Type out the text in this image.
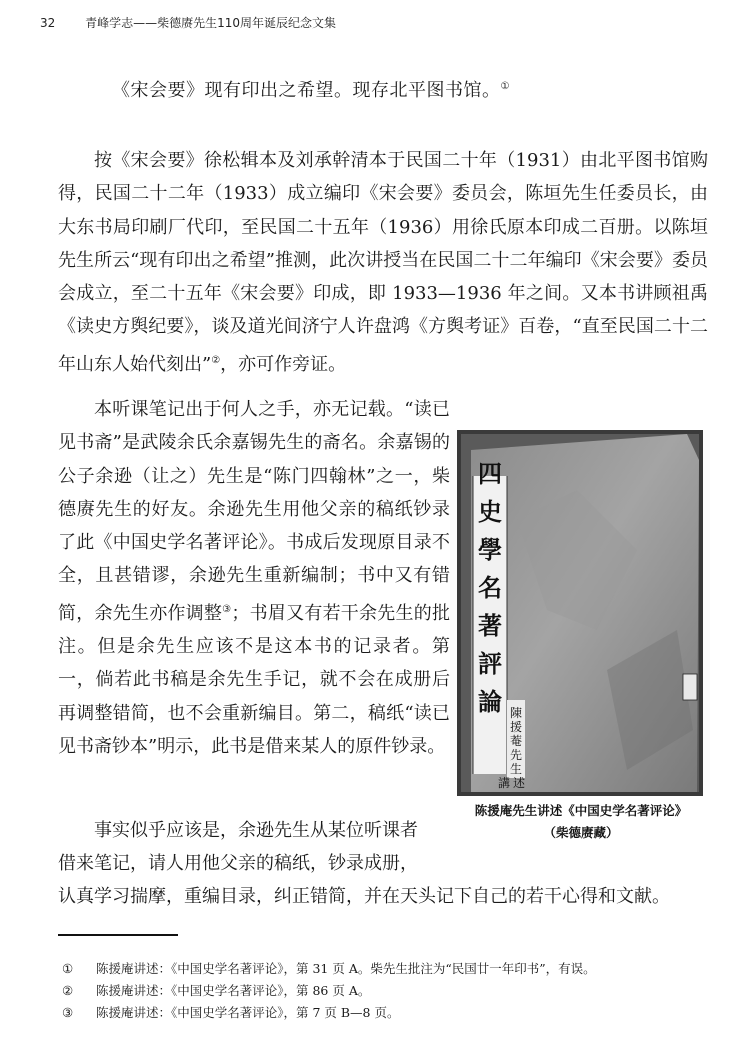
32 青峰学志——柴德赓先生110周年诞辰纪念文集
《宋会要》现有印出之希望。现存北平图书馆。①
按《宋会要》徐松辑本及刘承幹清本于民国二十年（1931）由北平图书馆购得，民国二十二年（1933）成立编印《宋会要》委员会，陈垣先生任委员长，由大东书局印刷厂代印，至民国二十五年（1936）用徐氏原本印成二百册。以陈垣先生所云“现有印出之希望”推测，此次讲授当在民国二十二年编印《宋会要》委员会成立，至二十五年《宋会要》印成，即 1933—1936 年之间。又本书讲顾祖禹《读史方舆纪要》，谈及道光间济宁人许盘鸿《方舆考证》百卷，“直至民国二十二年山东人始代刻出”②，亦可作旁证。
本听课笔记出于何人之手，亦无记载。“读已见书斋”是武陵余氏余嘉锡先生的斋名。余嘉锡的公子余逊（让之）先生是“陈门四翰林”之一，柴德赓先生的好友。余逊先生用他父亲的稿纸钞录了此《中国史学名著评论》。书成后发现原目录不全，且甚错谬，余逊先生重新编制；书中又有错简，余先生亦作调整③；书眉又有若干余先生的批注。但是余先生应该不是这本书的记录者。第一，倘若此书稿是余先生手记，就不会在成册后再调整错简，也不会重新编目。第二，稿纸“读已见书斋钞本”明示，此书是借来某人的原件钞录。
事实似乎应该是，余逊先生从某位听课者
借来笔记，请人用他父亲的稿纸，钞录成册，
认真学习揣摩，重编目录，纠正错简，并在天头记下自己的若干心得和文献。
四
史
學
名
著
評
論 陳
援
菴
先
生
講 述
陈援庵先生讲述《中国史学名著评论》
（柴德赓藏）
① 陈援庵讲述：《中国史学名著评论》，第 31 页 A。柴先生批注为“民国廿一年印书”，有误。
② 陈援庵讲述：《中国史学名著评论》，第 86 页 A。
③ 陈援庵讲述：《中国史学名著评论》，第 7 页 B—8 页。
